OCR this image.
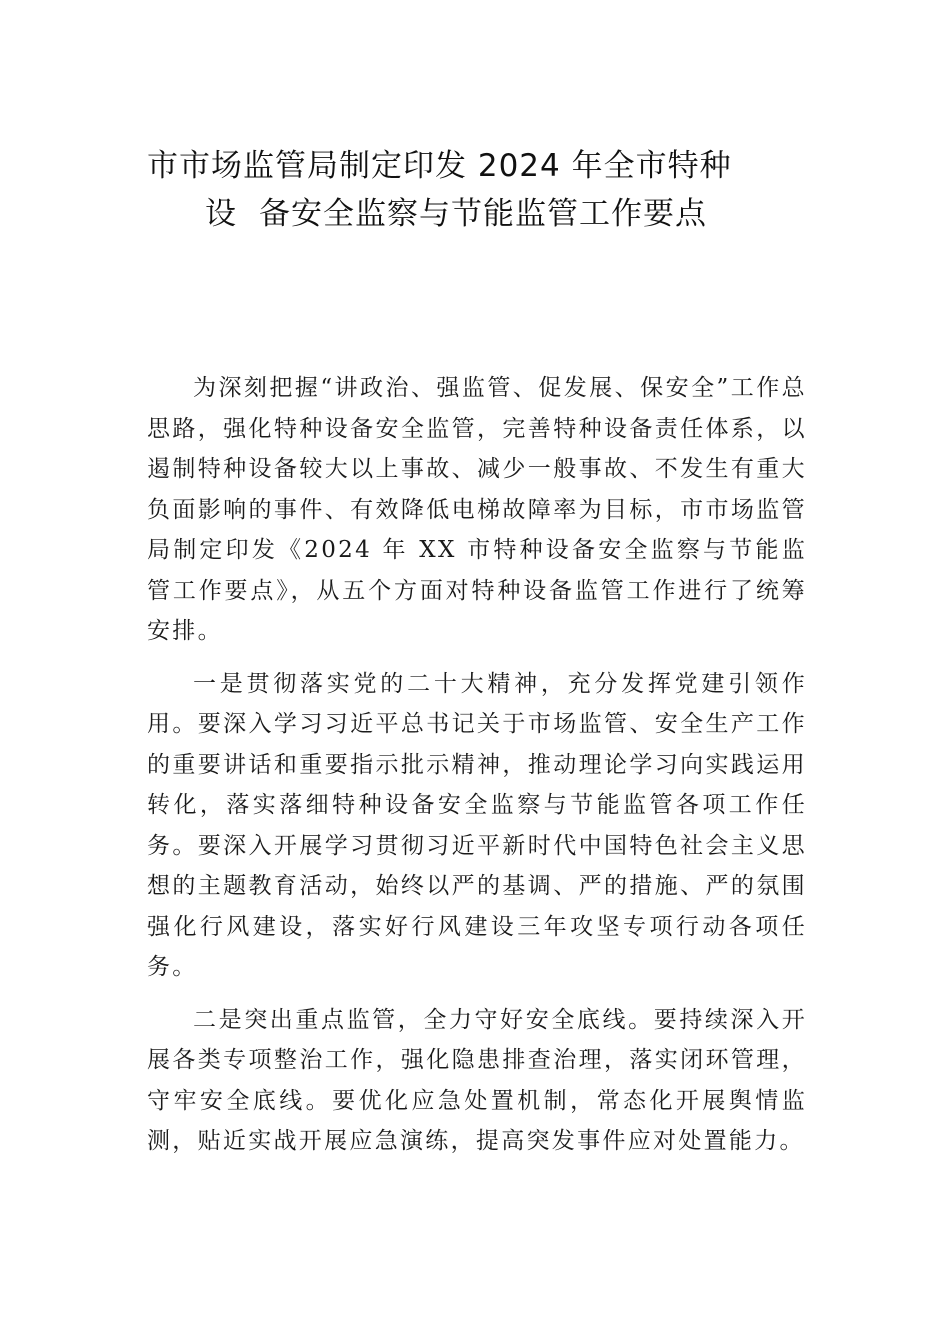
市市场监管局制定印发 2024 年全市特种
设 备安全监察与节能监管工作要点

为深刻把握“讲政治、强监管、促发展、保安全”工作总思路，强化特种设备安全监管，完善特种设备责任体系，以遏制特种设备较大以上事故、减少一般事故、不发生有重大负面影响的事件、有效降低电梯故障率为目标，市市场监管局制定印发《2024 年 XX 市特种设备安全监察与节能监管工作要点》，从五个方面对特种设备监管工作进行了统筹安排。

一是贯彻落实党的二十大精神，充分发挥党建引领作用。要深入学习习近平总书记关于市场监管、安全生产工作的重要讲话和重要指示批示精神，推动理论学习向实践运用转化，落实落细特种设备安全监察与节能监管各项工作任务。要深入开展学习贯彻习近平新时代中国特色社会主义思想的主题教育活动，始终以严的基调、严的措施、严的氛围强化行风建设，落实好行风建设三年攻坚专项行动各项任务。

二是突出重点监管，全力守好安全底线。要持续深入开展各类专项整治工作，强化隐患排查治理，落实闭环管理，守牢安全底线。要优化应急处置机制，常态化开展舆情监测，贴近实战开展应急演练，提高突发事件应对处置能力。
